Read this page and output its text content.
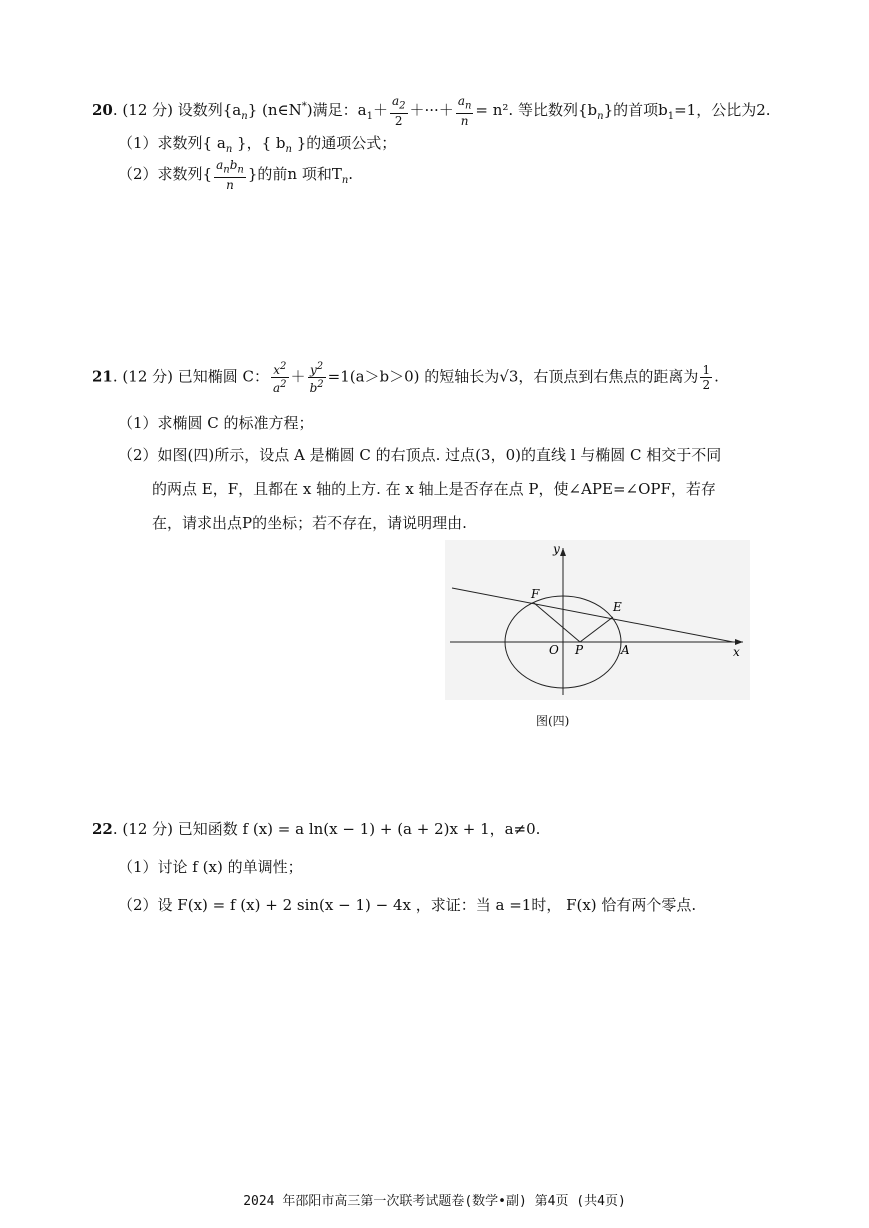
20. (12 分) 设数列$\{a_n\}$ (n∈N*)满足：$a_1+ \frac{a_2}{2}$ ＋···＋ $\frac{a_n}{n} = n^2$. 等比数列$\{b_n\}$的首项$b_1=1$，公比为2.
（1）求数列{ $a_n$ }，{ $b_n$ }的通项公式；
（2）求数列{ $\frac{a_nb_n}{n}$ }的前n 项和$T_n$.
21. (12 分) 已知椭圆 C： $\frac{x^2}{a^2} + \frac{y^2}{b^2} =1(a>b>0)$ 的短轴长为√3，右顶点到右焦点的距离为 $\frac{1}{2}$ .
（1）求椭圆 C 的标准方程；
（2）如图(四)所示，设点 A 是椭圆 C 的右顶点. 过点(3，0)的直线 l 与椭圆 C 相交于不同
的两点 E，F，且都在 x 轴的上方. 在 x 轴上是否存在点 P，使∠APE=∠OPF，若存
在，请求出点P的坐标；若不存在，请说明理由.
y
x
F
E
O P	A
图(四)
22. (12 分) 已知函数 f (x) = a ln(x − 1) + (a + 2)x + 1，a≠0.
（1）讨论 f (x) 的单调性；
（2）设 F(x) = f (x) + 2 sin(x − 1) − 4x ，求证：当 a =1时， F(x) 恰有两个零点.
2024 年邵阳市高三第一次联考试题卷(数学•副) 第4页 (共4页)
